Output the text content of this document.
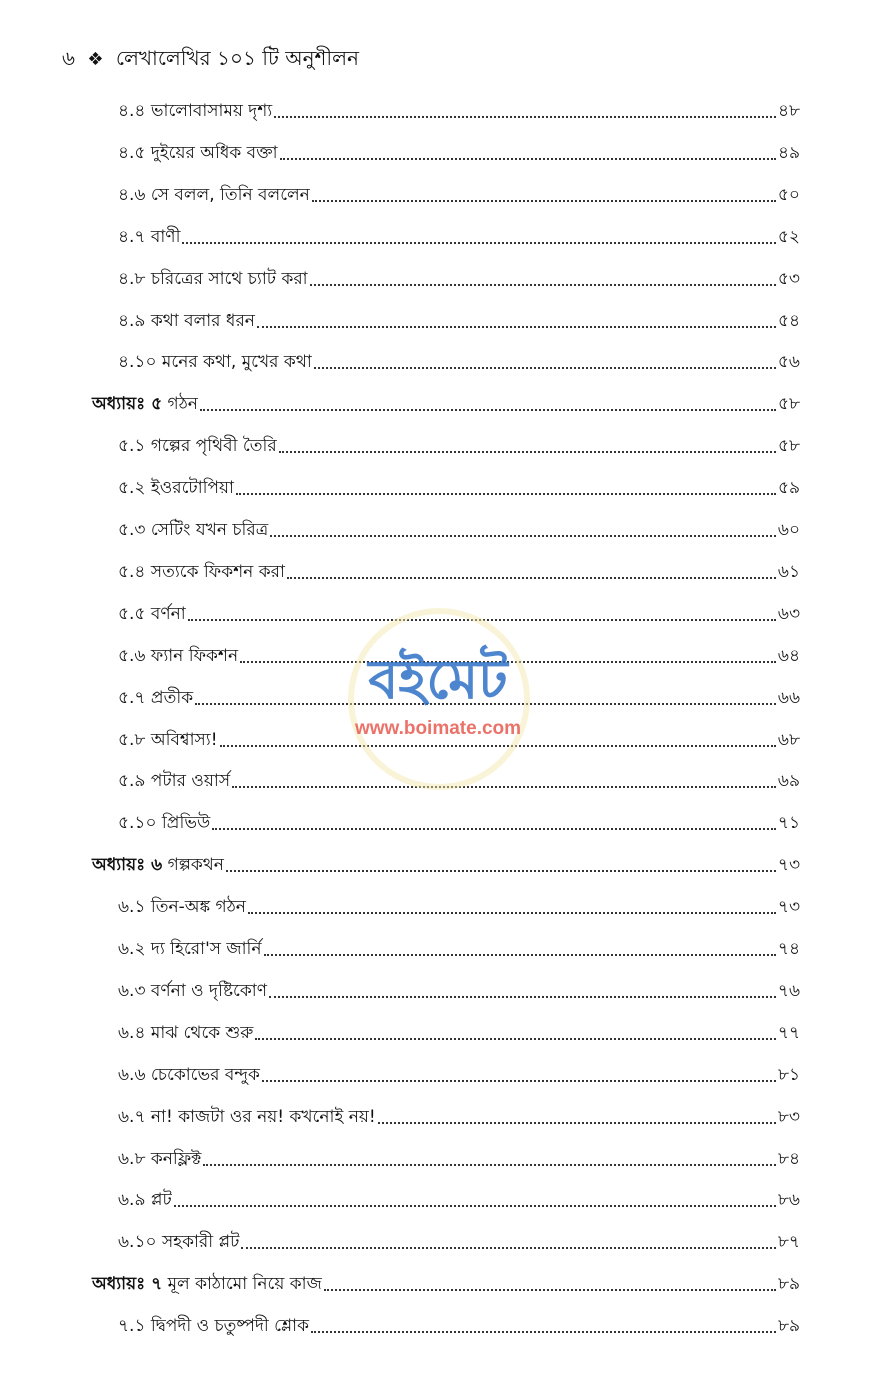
৬ ❖ লেখালেখির ১০১ টি অনুশীলন
৪.৪ ভালোবাসাময় দৃশ্য	৪৮
৪.৫ দুইয়ের অধিক বক্তা	৪৯
৪.৬ সে বলল, তিনি বললেন	৫০
৪.৭ বাণী	৫২
৪.৮ চরিত্রের সাথে চ্যাট করা	৫৩
৪.৯ কথা বলার ধরন	৫৪
৪.১০ মনের কথা, মুখের কথা	৫৬
অধ্যায়ঃ ৫ গঠন	৫৮
৫.১ গল্পের পৃথিবী তৈরি	৫৮
৫.২ ইওরটোপিয়া	৫৯
৫.৩ সেটিং যখন চরিত্র	৬০
৫.৪ সত্যকে ফিকশন করা	৬১
৫.৫ বর্ণনা	৬৩
৫.৬ ফ্যান ফিকশন	৬৪
৫.৭ প্রতীক	৬৬
৫.৮ অবিশ্বাস্য!	৬৮
৫.৯ পটার ওয়ার্স	৬৯
৫.১০ প্রিভিউ	৭১
অধ্যায়ঃ ৬ গল্পকথন	৭৩
৬.১ তিন-অঙ্ক গঠন	৭৩
৬.২ দ্য হিরো'স জার্নি	৭৪
৬.৩ বর্ণনা ও দৃষ্টিকোণ	৭৬
৬.৪ মাঝ থেকে শুরু	৭৭
৬.৬ চেকোভের বন্দুক	৮১
৬.৭ না! কাজটা ওর নয়! কখনোই নয়!	৮৩
৬.৮ কনফ্লিক্ট	৮৪
৬.৯ প্লট	৮৬
৬.১০ সহকারী প্লট	৮৭
অধ্যায়ঃ ৭ মূল কাঠামো নিয়ে কাজ	৮৯
৭.১ দ্বিপদী ও চতুষ্পদী শ্লোক	৮৯
বইমেট
www.boimate.com
